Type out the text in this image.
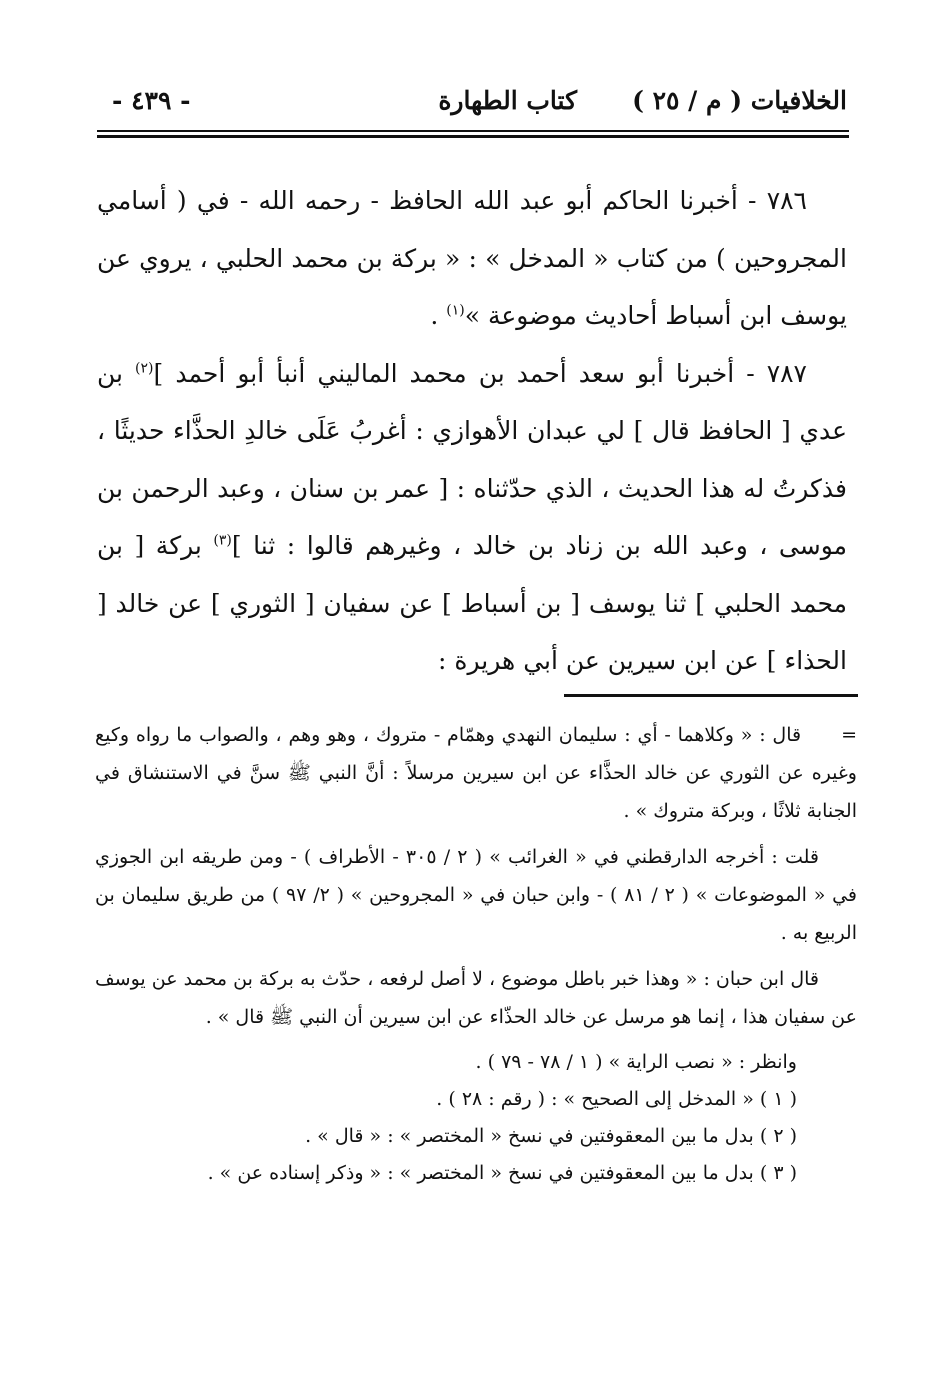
الخلافيات ( م / ٢٥ )
كتاب الطهارة
- ٤٣٩ -

٧٨٦ - أخبرنا الحاكم أبو عبد الله الحافظ - رحمه الله - في ( أسامي المجروحين ) من كتاب « المدخل » : « بركة بن محمد الحلبي ، يروي عن يوسف ابن أسباط أحاديث موضوعة »$^{(١)}$ .

٧٨٧ - أخبرنا أبو سعد أحمد بن محمد الماليني أنبأ أبو أحمد ]$^{(٢)}$ بن عدي [ الحافظ قال ] لي عبدان الأهوازي : أغربُ عَلَى خالدِ الحذَّاء حديثًا ، فذكرتُ له هذا الحديث ، الذي حدّثناه : [ عمر بن سنان ، وعبد الرحمن بن موسى ، وعبد الله بن زناد بن خالد ، وغيرهم قالوا : ثنا ]$^{(٣)}$ بركة [ بن محمد الحلبي ] ثنا يوسف [ بن أسباط ] عن سفيان [ الثوري ] عن خالد [ الحذاء ] عن ابن سيرين عن أبي هريرة :

=قال : « وكلاهما - أي : سليمان النهدي وهمّام - متروك ، وهو وهم ، والصواب ما رواه وكيع وغيره عن الثوري عن خالد الحذَّاء عن ابن سيرين مرسلاً : أنَّ النبي ﷺ سنَّ في الاستنشاق في الجنابة ثلاثًا ، وبركة متروك » .

قلت : أخرجه الدارقطني في « الغرائب » ( ٢ / ٣٠٥ - الأطراف ) - ومن طريقه ابن الجوزي في « الموضوعات » ( ٢ / ٨١ ) - وابن حبان في « المجروحين » ( ٢/ ٩٧ ) من طريق سليمان بن الربيع به .

قال ابن حبان : « وهذا خبر باطل موضوع ، لا أصل لرفعه ، حدّث به بركة بن محمد عن يوسف عن سفيان هذا ، إنما هو مرسل عن خالد الحذّاء عن ابن سيرين أن النبي ﷺ قال » .

وانظر : « نصب الراية » ( ١ / ٧٨ - ٧٩ ) .
( ١ ) « المدخل إلى الصحيح » : ( رقم : ٢٨ ) .
( ٢ ) بدل ما بين المعقوفتين في نسخ « المختصر » : « قال » .
( ٣ ) بدل ما بين المعقوفتين في نسخ « المختصر » : « وذكر إسناده عن » .
